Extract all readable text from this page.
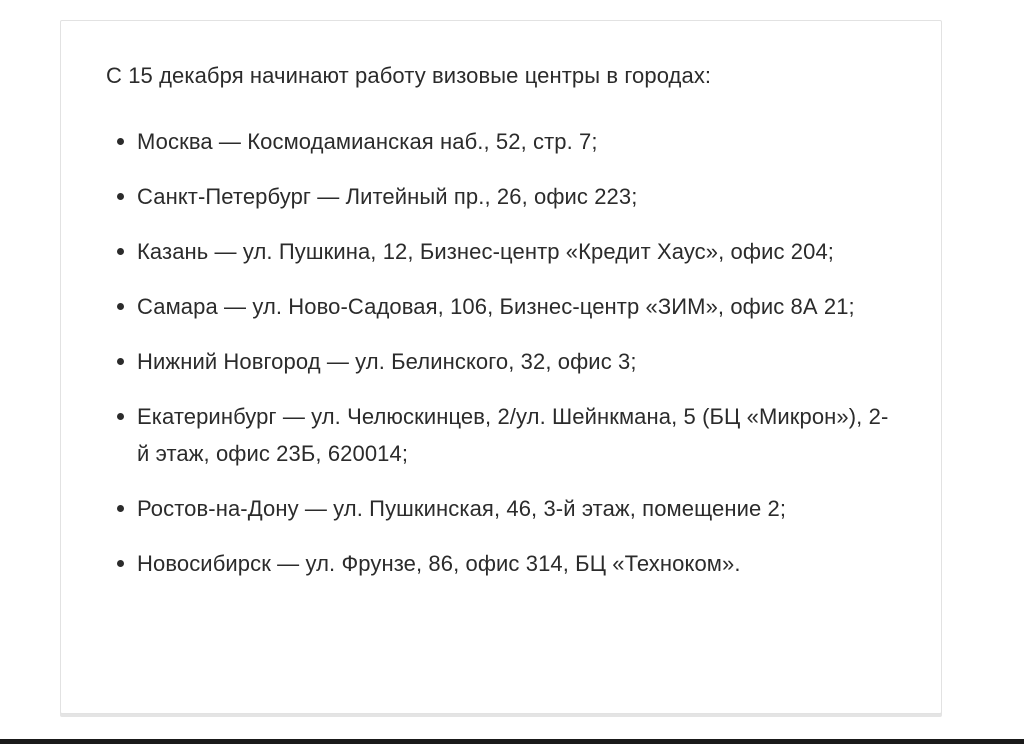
С 15 декабря начинают работу визовые центры в городах:

Москва — Космодамианская наб., 52, стр. 7;
Санкт-Петербург — Литейный пр., 26, офис 223;
Казань — ул. Пушкина, 12, Бизнес-центр «Кредит Хаус», офис 204;
Самара — ул. Ново-Садовая, 106, Бизнес-центр «ЗИМ», офис 8А 21;
Нижний Новгород — ул. Белинского, 32, офис 3;
Екатеринбург — ул. Челюскинцев, 2/ул. Шейнкмана, 5 (БЦ «Микрон»), 2-й этаж, офис 23Б, 620014;
Ростов-на-Дону — ул. Пушкинская, 46, 3-й этаж, помещение 2;
Новосибирск — ул. Фрунзе, 86, офис 314, БЦ «Техноком».
